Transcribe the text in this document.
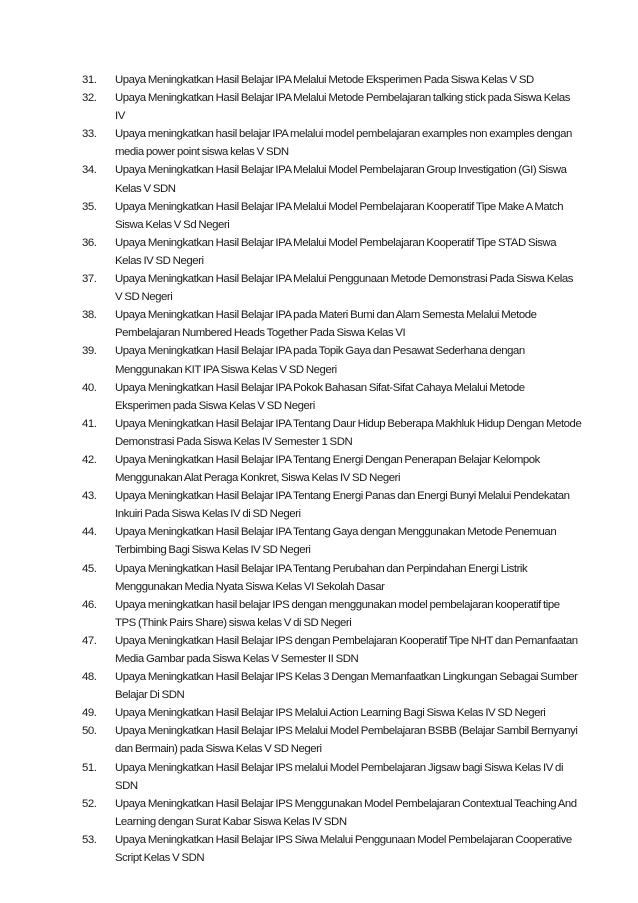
31.	Upaya Meningkatkan Hasil Belajar IPA Melalui Metode Eksperimen Pada Siswa Kelas V SD
32.	Upaya Meningkatkan Hasil Belajar IPA Melalui Metode Pembelajaran talking stick pada Siswa Kelas IV
33.	Upaya meningkatkan hasil belajar IPA melalui model pembelajaran examples non examples dengan media power point siswa kelas V SDN
34.	Upaya Meningkatkan Hasil Belajar IPA Melalui Model Pembelajaran Group Investigation (GI) Siswa Kelas V SDN
35.	Upaya Meningkatkan Hasil Belajar IPA Melalui Model Pembelajaran Kooperatif Tipe Make A Match Siswa Kelas V Sd Negeri
36.	Upaya Meningkatkan Hasil Belajar IPA Melalui Model Pembelajaran Kooperatif Tipe STAD Siswa Kelas IV SD Negeri
37.	Upaya Meningkatkan Hasil Belajar IPA Melalui Penggunaan Metode Demonstrasi Pada Siswa Kelas V SD Negeri
38.	Upaya Meningkatkan Hasil Belajar IPA pada Materi Bumi dan Alam Semesta Melalui Metode Pembelajaran Numbered Heads Together Pada Siswa Kelas VI
39.	Upaya Meningkatkan Hasil Belajar IPA pada Topik Gaya dan Pesawat Sederhana dengan Menggunakan KIT IPA Siswa Kelas V SD Negeri
40.	Upaya Meningkatkan Hasil Belajar IPA Pokok Bahasan Sifat-Sifat Cahaya Melalui Metode Eksperimen pada Siswa Kelas V SD Negeri
41.	Upaya Meningkatkan Hasil Belajar IPA Tentang Daur Hidup Beberapa Makhluk Hidup Dengan Metode Demonstrasi Pada Siswa Kelas IV Semester 1 SDN
42.	Upaya Meningkatkan Hasil Belajar IPA Tentang Energi Dengan Penerapan Belajar Kelompok Menggunakan Alat Peraga Konkret, Siswa Kelas IV SD Negeri
43.	Upaya Meningkatkan Hasil Belajar IPA Tentang Energi Panas dan Energi Bunyi Melalui Pendekatan Inkuiri Pada Siswa Kelas IV di SD Negeri
44.	Upaya Meningkatkan Hasil Belajar IPA Tentang Gaya dengan Menggunakan Metode Penemuan Terbimbing Bagi Siswa Kelas IV SD Negeri
45.	Upaya Meningkatkan Hasil Belajar IPA Tentang Perubahan dan Perpindahan Energi Listrik Menggunakan Media Nyata Siswa Kelas VI Sekolah Dasar
46.	Upaya meningkatkan hasil belajar IPS dengan menggunakan model pembelajaran kooperatif tipe TPS (Think Pairs Share) siswa kelas V di SD Negeri
47.	Upaya Meningkatkan Hasil Belajar IPS dengan Pembelajaran Kooperatif Tipe NHT dan Pemanfaatan Media Gambar pada Siswa Kelas V Semester II SDN
48.	Upaya Meningkatkan Hasil Belajar IPS Kelas 3 Dengan Memanfaatkan Lingkungan Sebagai Sumber Belajar Di SDN
49.	Upaya Meningkatkan Hasil Belajar IPS Melalui Action Learning Bagi Siswa Kelas IV SD Negeri
50.	Upaya Meningkatkan Hasil Belajar IPS Melalui Model Pembelajaran BSBB (Belajar Sambil Bernyanyi dan Bermain) pada Siswa Kelas V SD Negeri
51.	Upaya Meningkatkan Hasil Belajar IPS melalui Model Pembelajaran Jigsaw bagi Siswa Kelas IV di SDN
52.	Upaya Meningkatkan Hasil Belajar IPS Menggunakan Model Pembelajaran Contextual Teaching And Learning dengan Surat Kabar Siswa Kelas IV SDN
53.	Upaya Meningkatkan Hasil Belajar IPS Siwa Melalui Penggunaan Model Pembelajaran Cooperative Script Kelas V SDN
